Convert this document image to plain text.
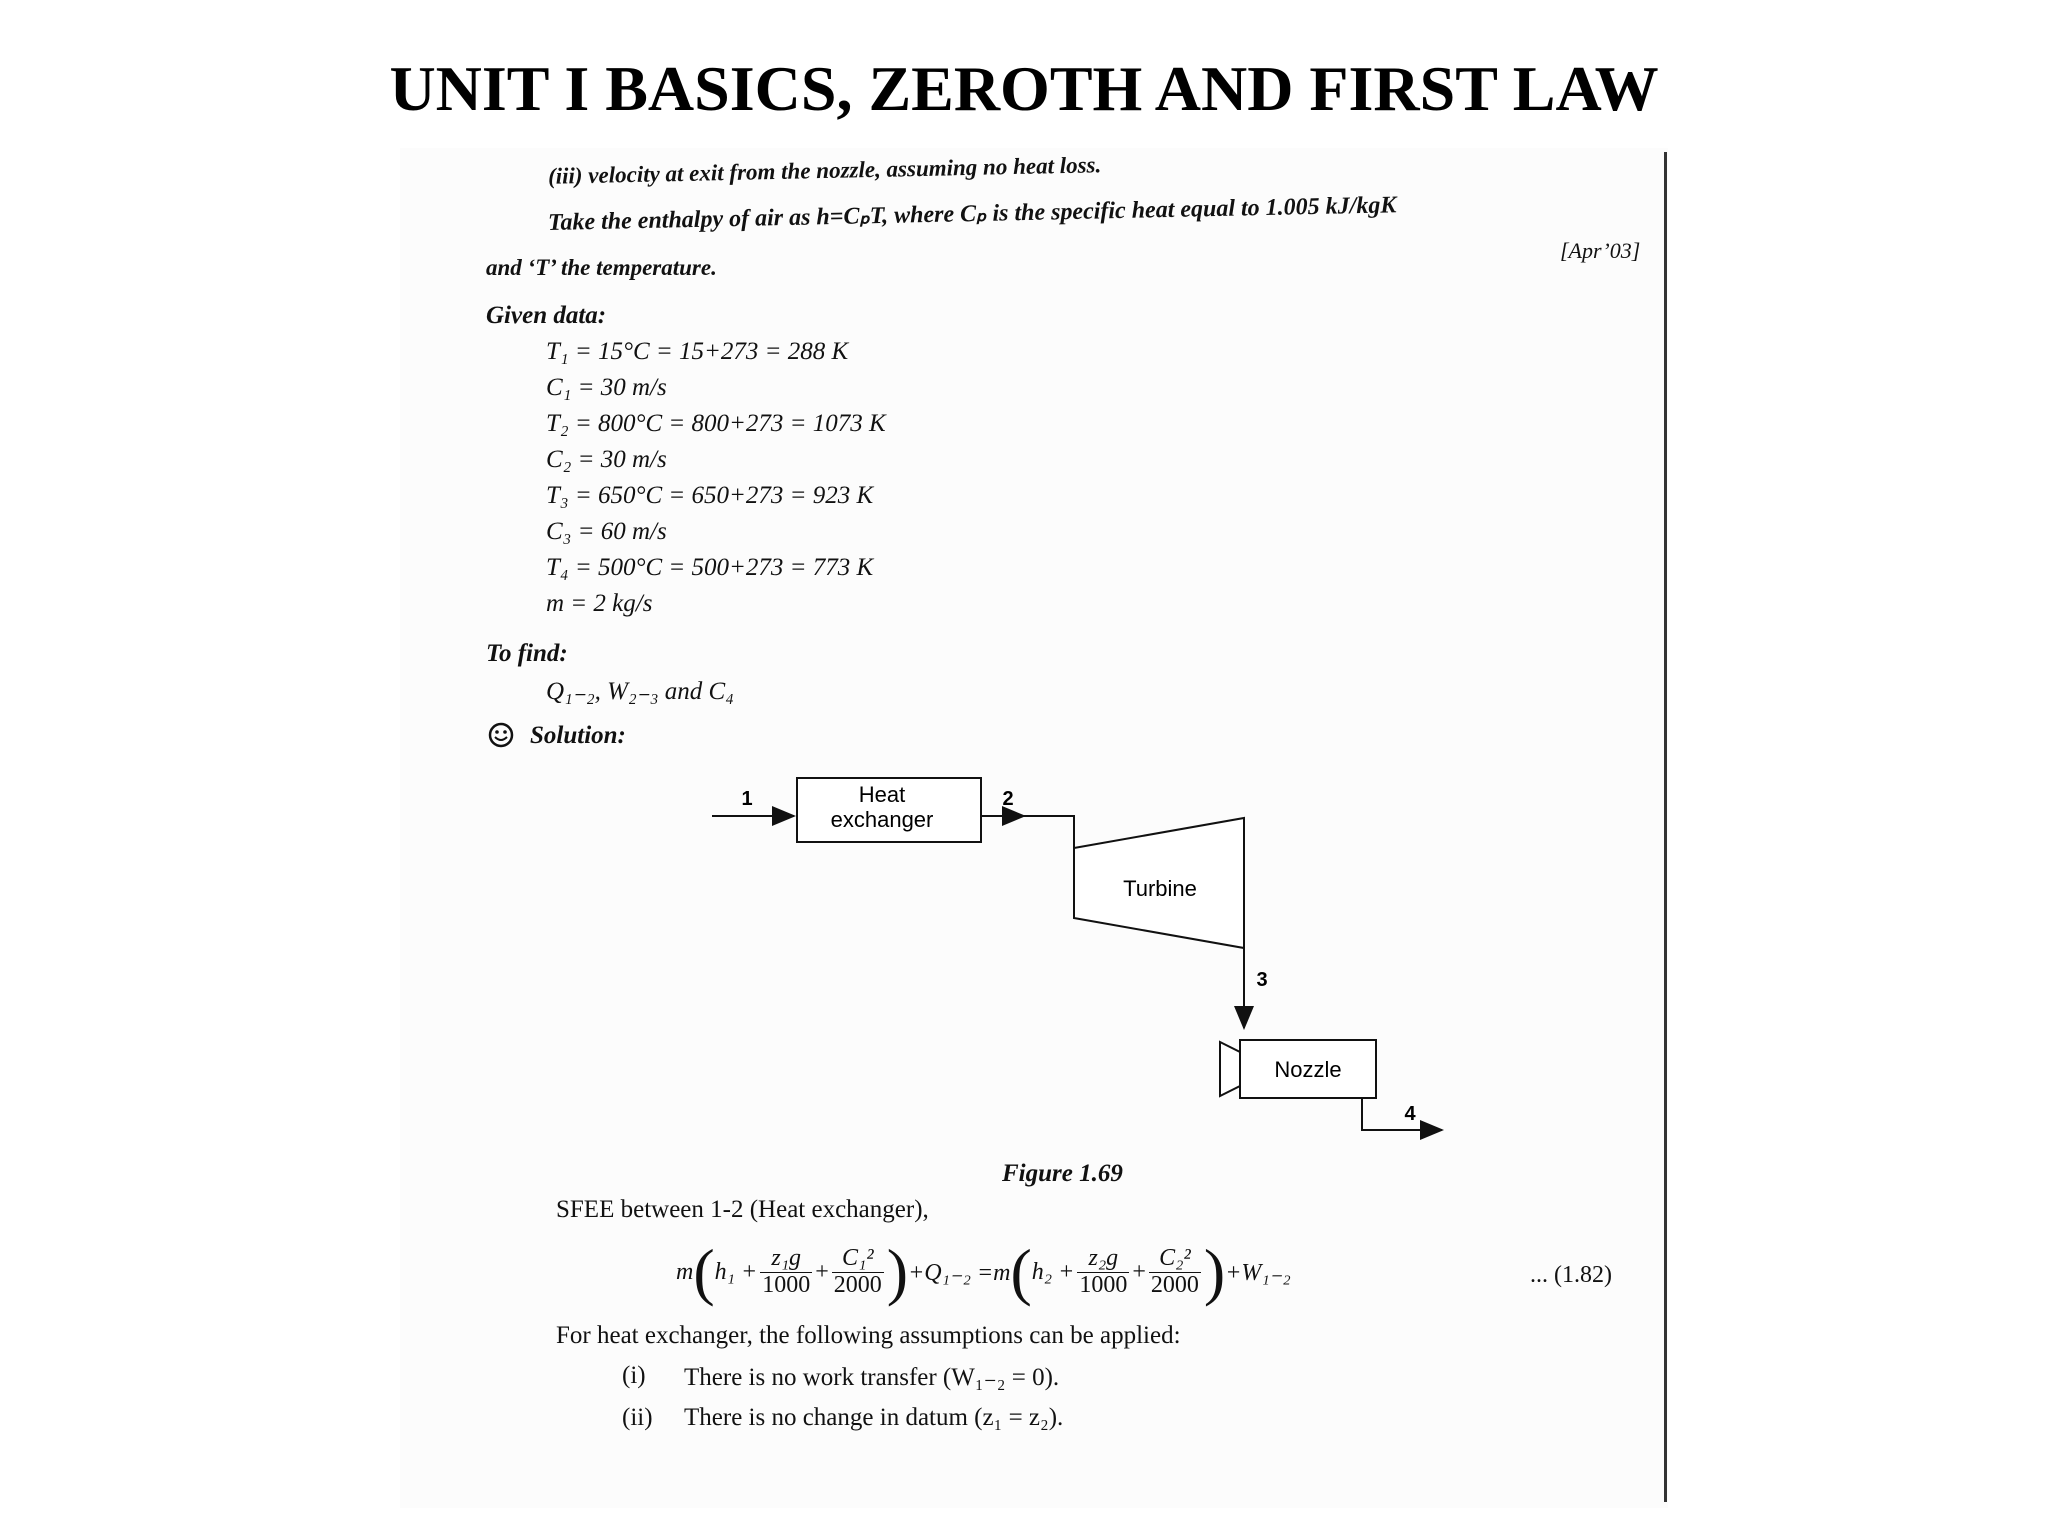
UNIT I BASICS, ZEROTH AND FIRST LAW
(iii) velocity at exit from the nozzle, assuming no heat loss.
Take the enthalpy of air as h=CₚT, where Cₚ is the specific heat equal to 1.005 kJ/kgK
[Apr’03]
and ‘T’ the temperature.
Given data:
T₁ = 15°C = 15+273 = 288 K
C₁ = 30 m/s
T₂ = 800°C = 800+273 = 1073 K
C₂ = 30 m/s
T₃ = 650°C = 650+273 = 923 K
C₃ = 60 m/s
T₄ = 500°C = 500+273 = 773 K
m = 2 kg/s
To find:
Q₁₋₂, W₂₋₃ and C₄
Solution:
1	Heat
exchanger
2
Turbine
3
Nozzle
4
Figure 1.69
SFEE between 1-2 (Heat exchanger),
m ( $h_1 + \frac{\text{z₁g}}{1000} + \frac{\text{C₁²}}{2000}$ ) +Q₁₋₂ =m ( $h_2 + \frac{\text{z₂g}}{1000} + \frac{\text{C₂²}}{2000}$ ) +W₁₋₂	... (1.82)
For heat exchanger, the following assumptions can be applied:
(i) There is no work transfer (W₁₋₂ = 0).
(ii) There is no change in datum (z₁ = z₂).
